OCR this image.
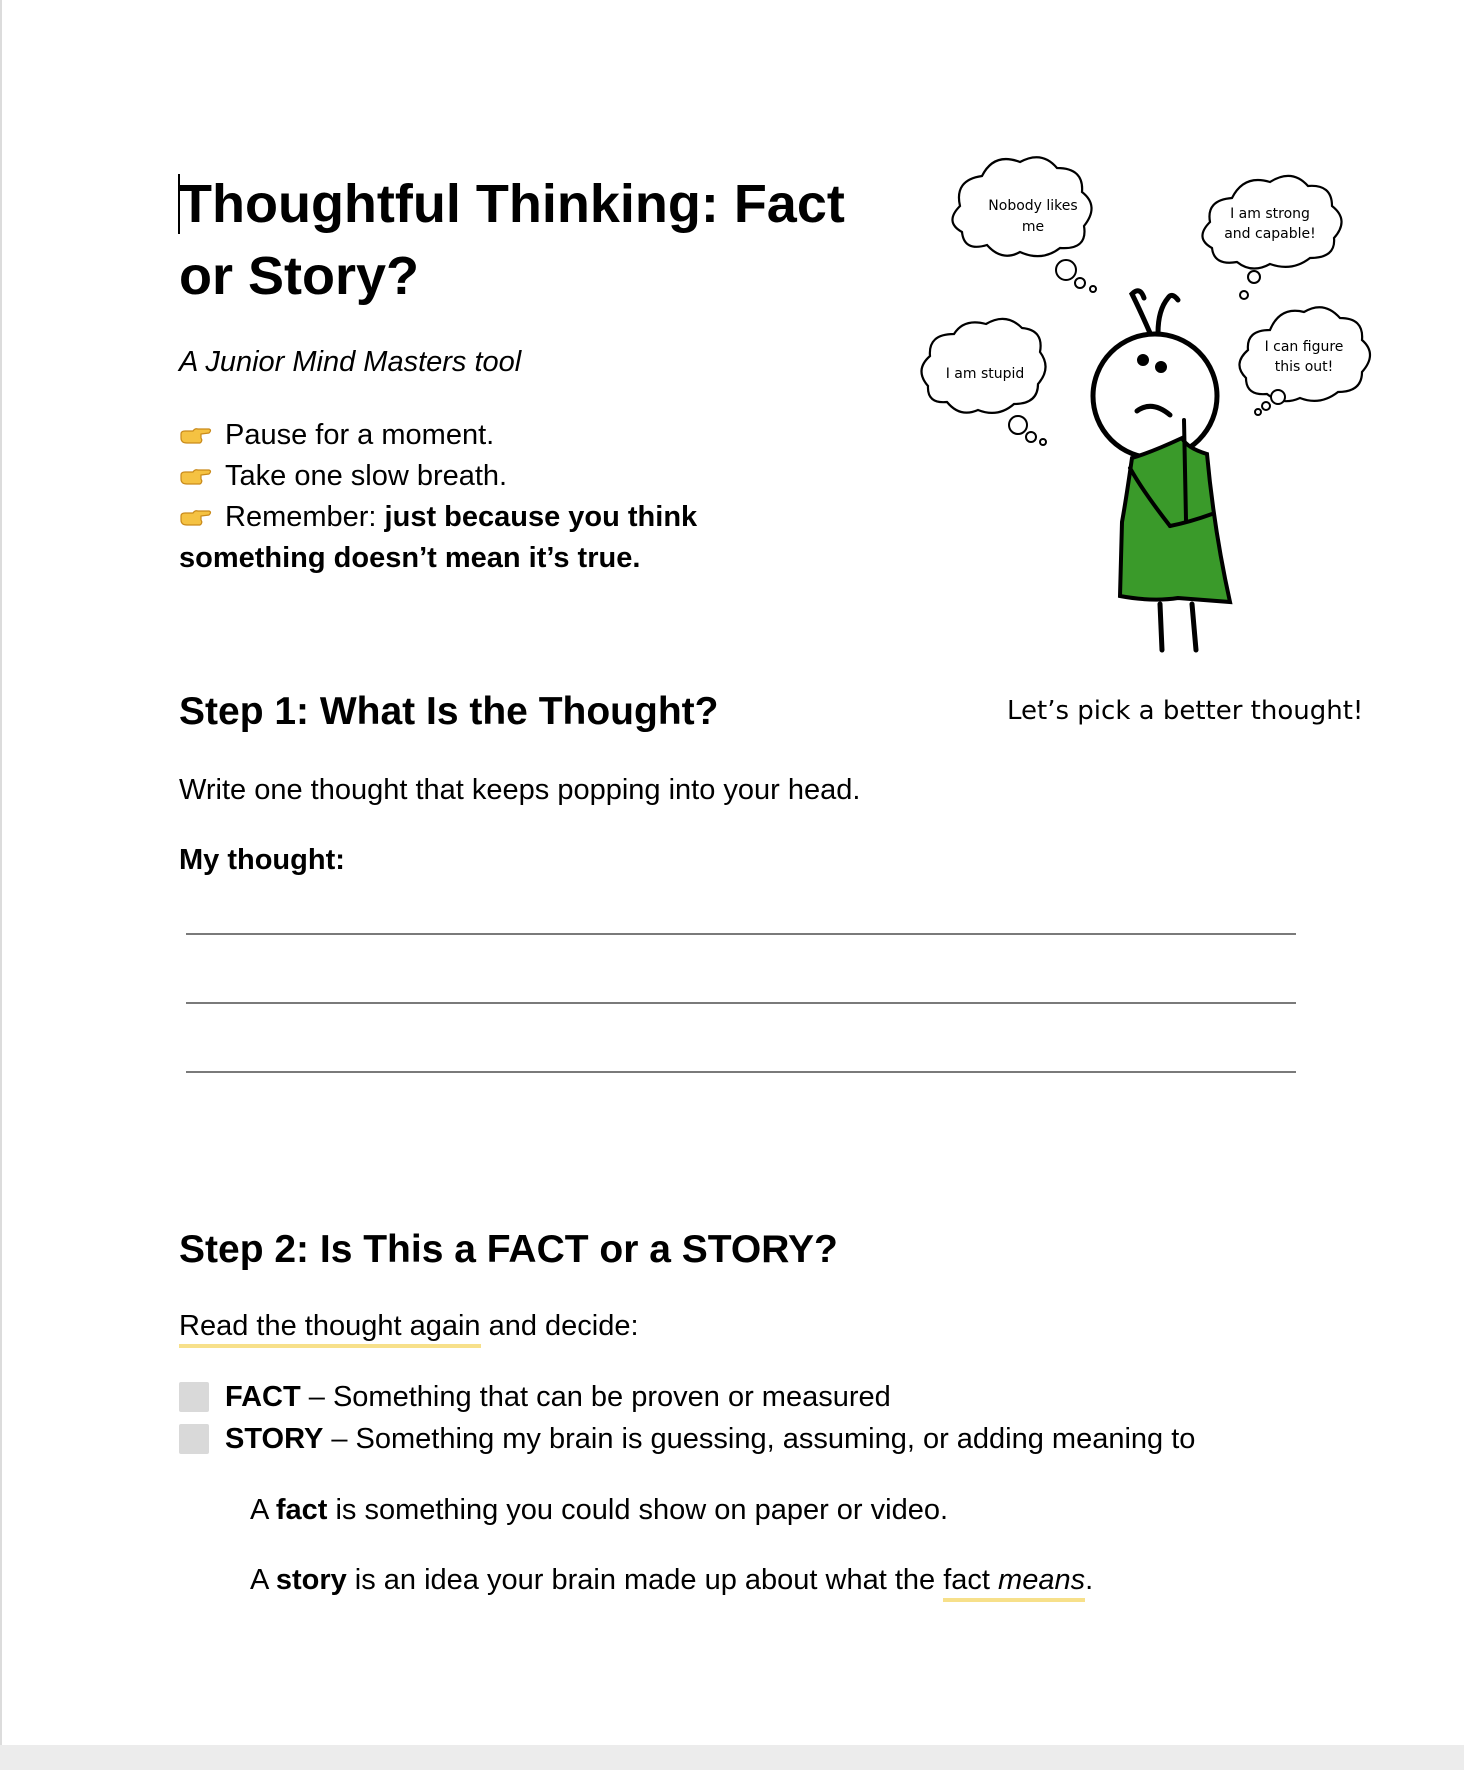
Thoughtful Thinking: Fact or Story?
A Junior Mind Masters tool
Pause for a moment.
Take one slow breath.
Remember: just because you think something doesn’t mean it’s true.
Nobody likes
me
I am strong
and capable!
I am stupid
I can figure
this out!
Let’s pick a better thought!
Step 1: What Is the Thought?
Write one thought that keeps popping into your head.
My thought:
Step 2: Is This a FACT or a STORY?
Read the thought again and decide:
FACT – Something that can be proven or measured
STORY – Something my brain is guessing, assuming, or adding meaning to
A fact is something you could show on paper or video.
A story is an idea your brain made up about what the fact means.
